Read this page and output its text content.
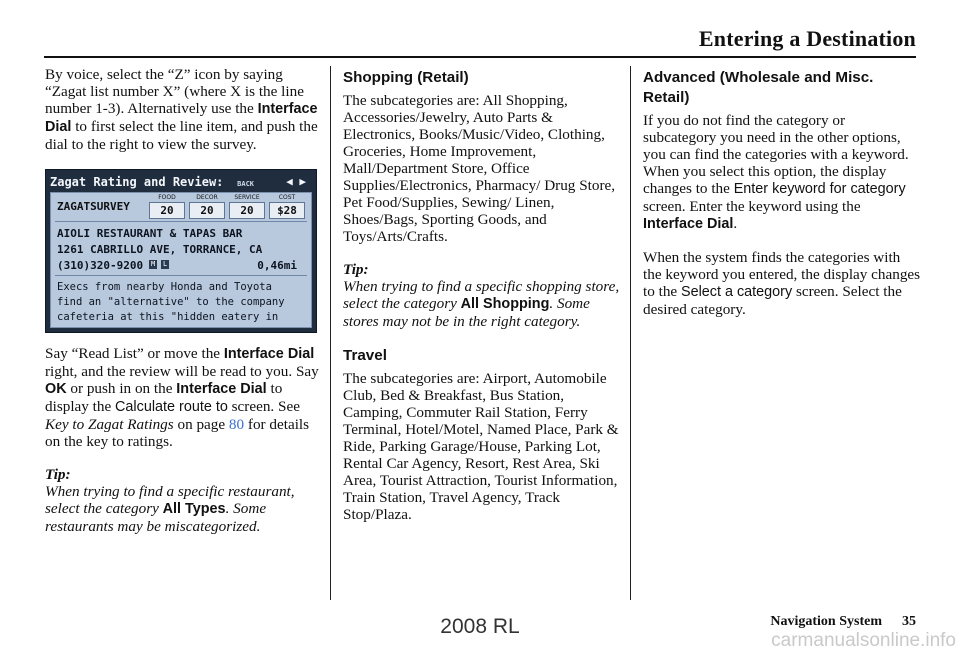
Entering a Destination

By voice, select the “Z” icon by saying “Zagat list number X” (where X is the line number 1-3). Alternatively use the Interface Dial to first select the line item, and push the dial to the right to view the survey.

Zagat Rating and Review: BACK	◀ ▶
ZAGATSURVEY
FOOD
20
DECOR
20
SERVICE
20
COST
$28
AIOLI RESTAURANT & TAPAS BAR
1261 CABRILLO AVE, TORRANCE, CA
(310)320-9200 M L	0,46mi
Execs from nearby Honda and Toyota
find an "alternative" to the company
cafeteria at this "hidden eatery in

Say “Read List” or move the Interface Dial right, and the review will be read to you. Say OK or push in on the Interface Dial to display the Calculate route to screen. See Key to Zagat Ratings on page 80 for details on the key to ratings.

Tip:
When trying to find a specific restaurant, select the category All Types. Some restaurants may be miscategorized.

Shopping (Retail)

The subcategories are: All Shopping, Accessories/Jewelry, Auto Parts & Electronics, Books/Music/Video, Clothing, Groceries, Home Improvement, Mall/Department Store, Office Supplies/Electronics, Pharmacy/ Drug Store, Pet Food/Supplies, Sewing/ Linen, Shoes/Bags, Sporting Goods, and Toys/Arts/Crafts.

Tip:
When trying to find a specific shopping store, select the category All Shopping. Some stores may not be in the right category.

Travel

The subcategories are: Airport, Automobile Club, Bed & Breakfast, Bus Station, Camping, Commuter Rail Station, Ferry Terminal, Hotel/Motel, Named Place, Park & Ride, Parking Garage/House, Parking Lot, Rental Car Agency, Resort, Rest Area, Ski Area, Tourist Attraction, Tourist Information, Train Station, Travel Agency, Track Stop/Plaza.

Advanced (Wholesale and Misc. Retail)

If you do not find the category or subcategory you need in the other options, you can find the categories with a keyword. When you select this option, the display changes to the Enter keyword for category screen. Enter the keyword using the Interface Dial.

When the system finds the categories with the keyword you entered, the display changes to the Select a category screen. Select the desired category.

Navigation System 35
2008 RL
carmanualsonline.info
